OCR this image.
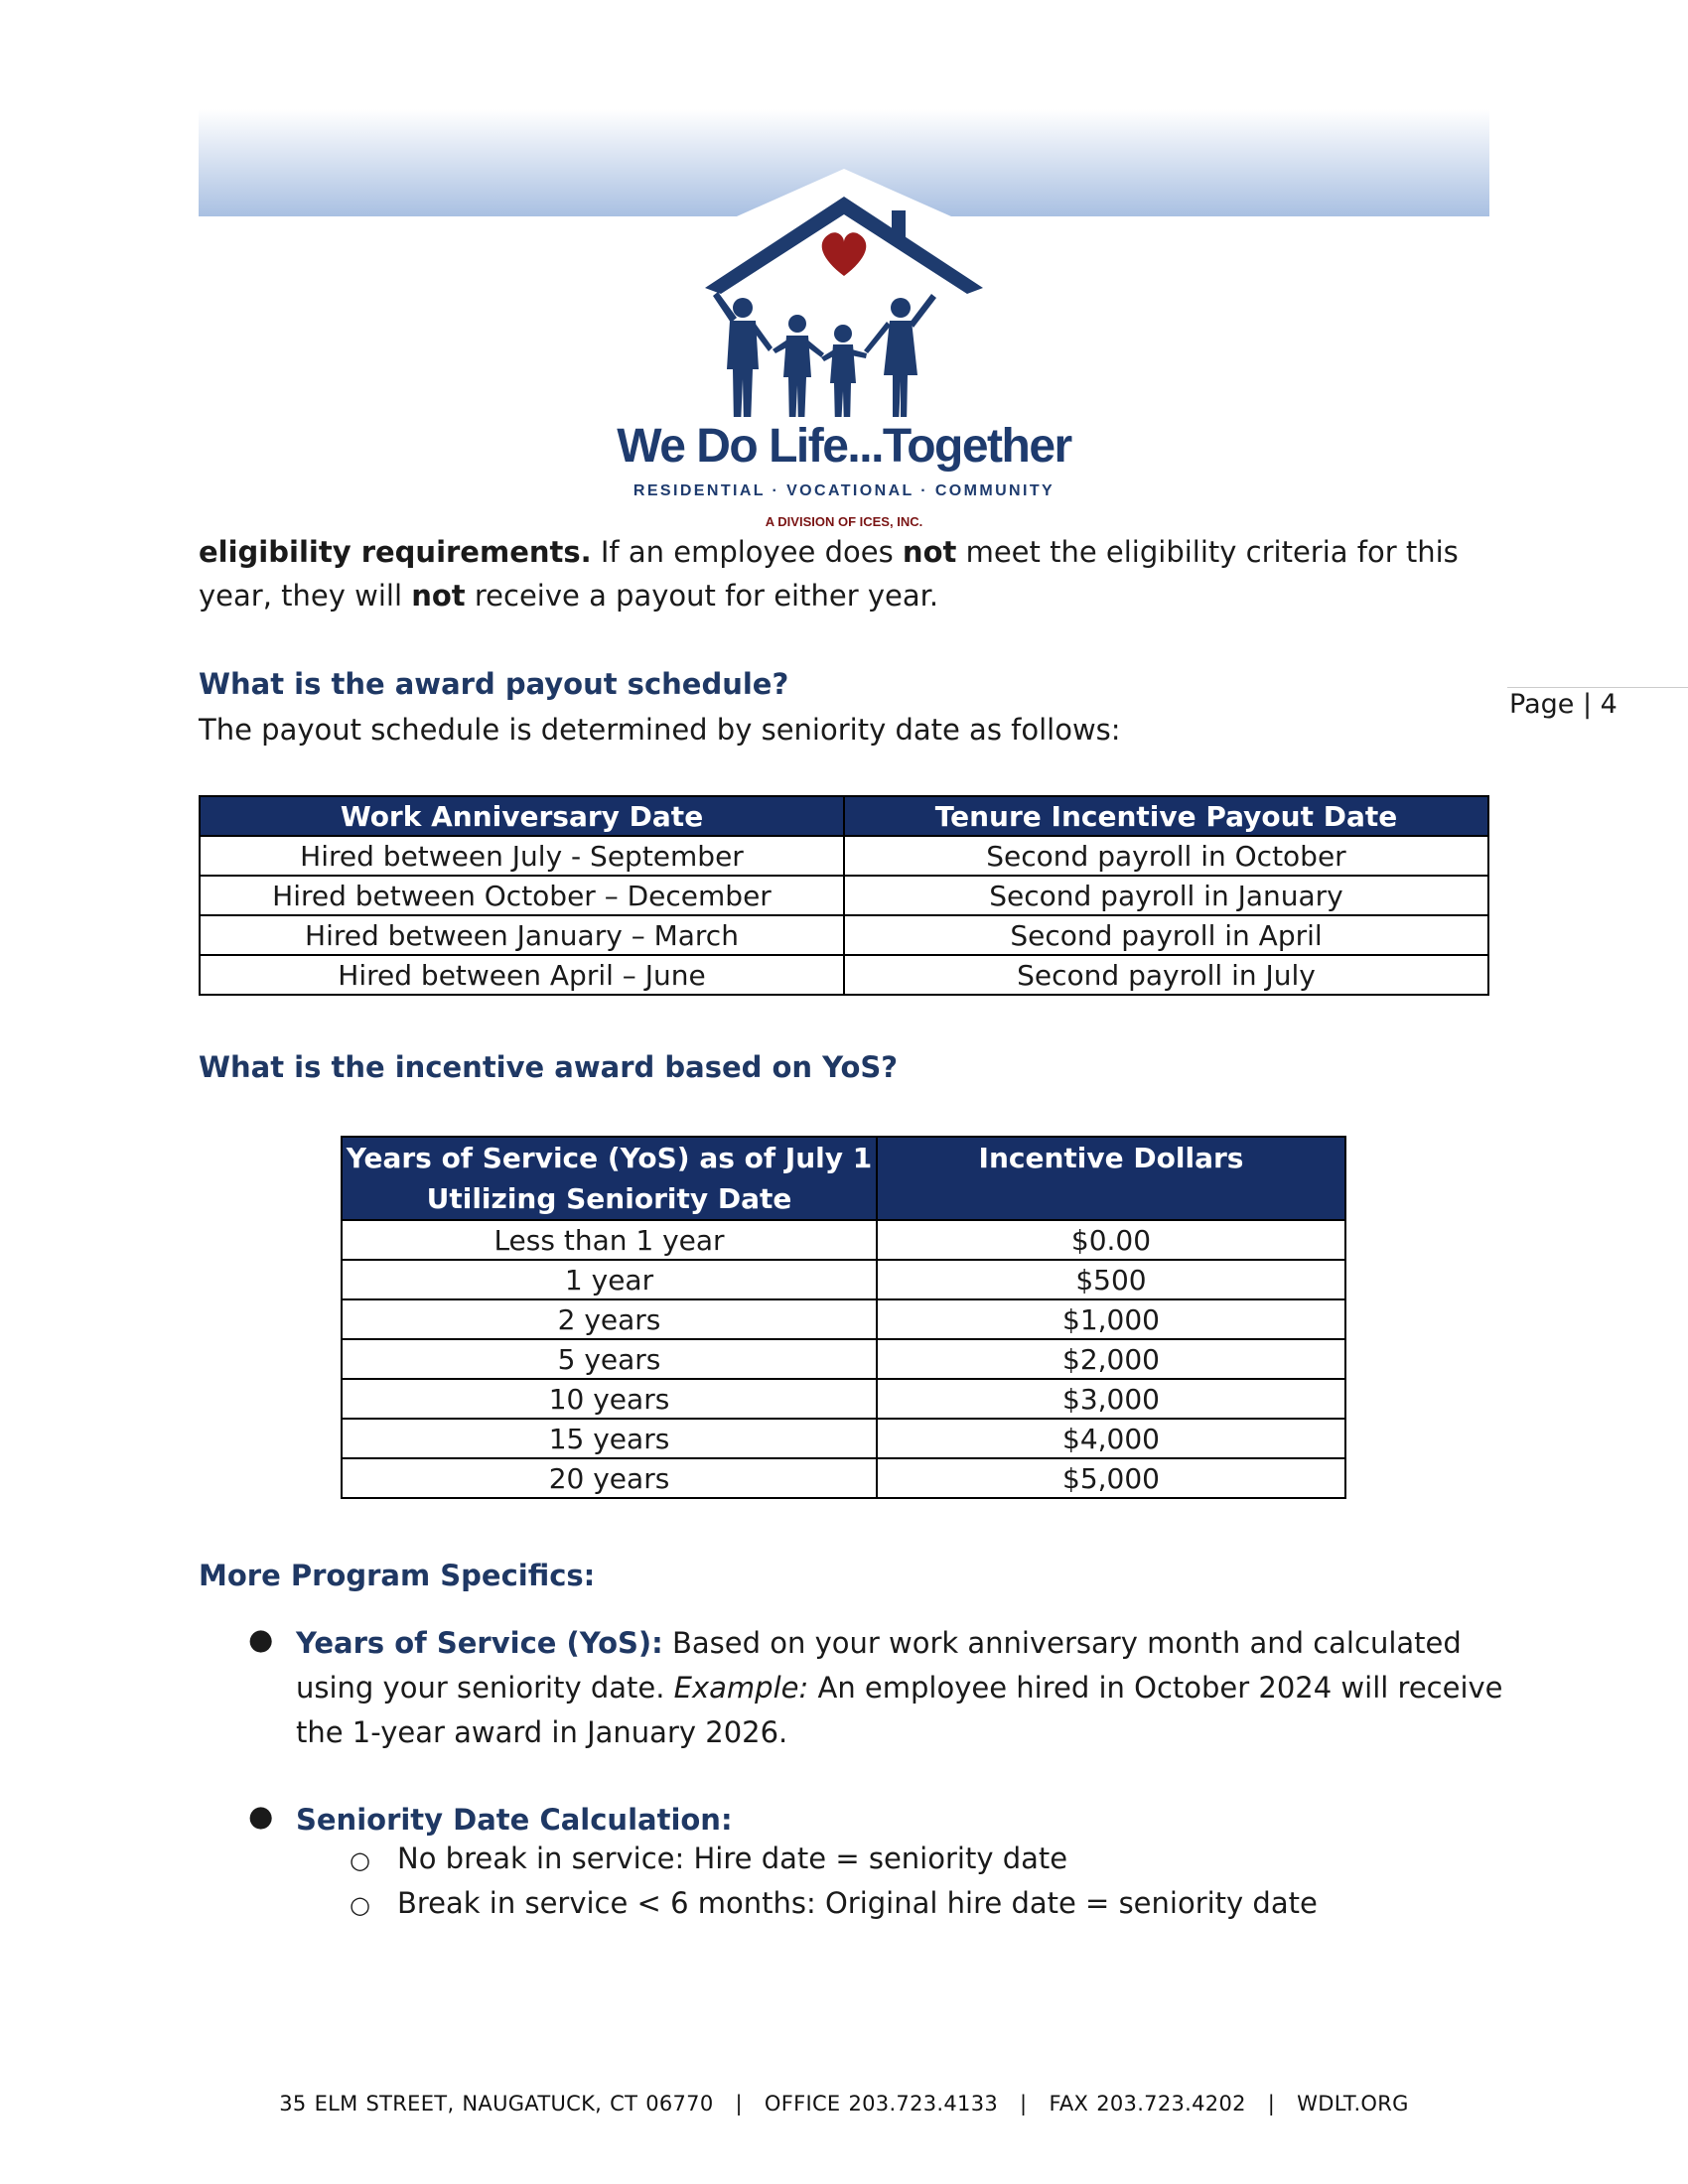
We Do Life...Together
RESIDENTIAL · VOCATIONAL · COMMUNITY
A DIVISION OF ICES, INC.
Page | 4
eligibility requirements. If an employee does not meet the eligibility criteria for this year, they will not receive a payout for either year.
What is the award payout schedule?
The payout schedule is determined by seniority date as follows:
Work Anniversary Date	Tenure Incentive Payout Date
Hired between July - September	Second payroll in October
Hired between October – December	Second payroll in January
Hired between January – March	Second payroll in April
Hired between April – June	Second payroll in July
What is the incentive award based on YoS?
Years of Service (YoS) as of July 1
Utilizing Seniority Date	Incentive Dollars
Less than 1 year	$0.00
1 year	$500
2 years	$1,000
5 years	$2,000
10 years	$3,000
15 years	$4,000
20 years	$5,000
More Program Specifics:
● Years of Service (YoS): Based on your work anniversary month and calculated using your seniority date. Example: An employee hired in October 2024 will receive the 1-year award in January 2026.
● Seniority Date Calculation:
○ No break in service: Hire date = seniority date
○ Break in service < 6 months: Original hire date = seniority date
35 ELM STREET, NAUGATUCK, CT 06770 | OFFICE 203.723.4133 | FAX 203.723.4202 | WDLT.ORG
